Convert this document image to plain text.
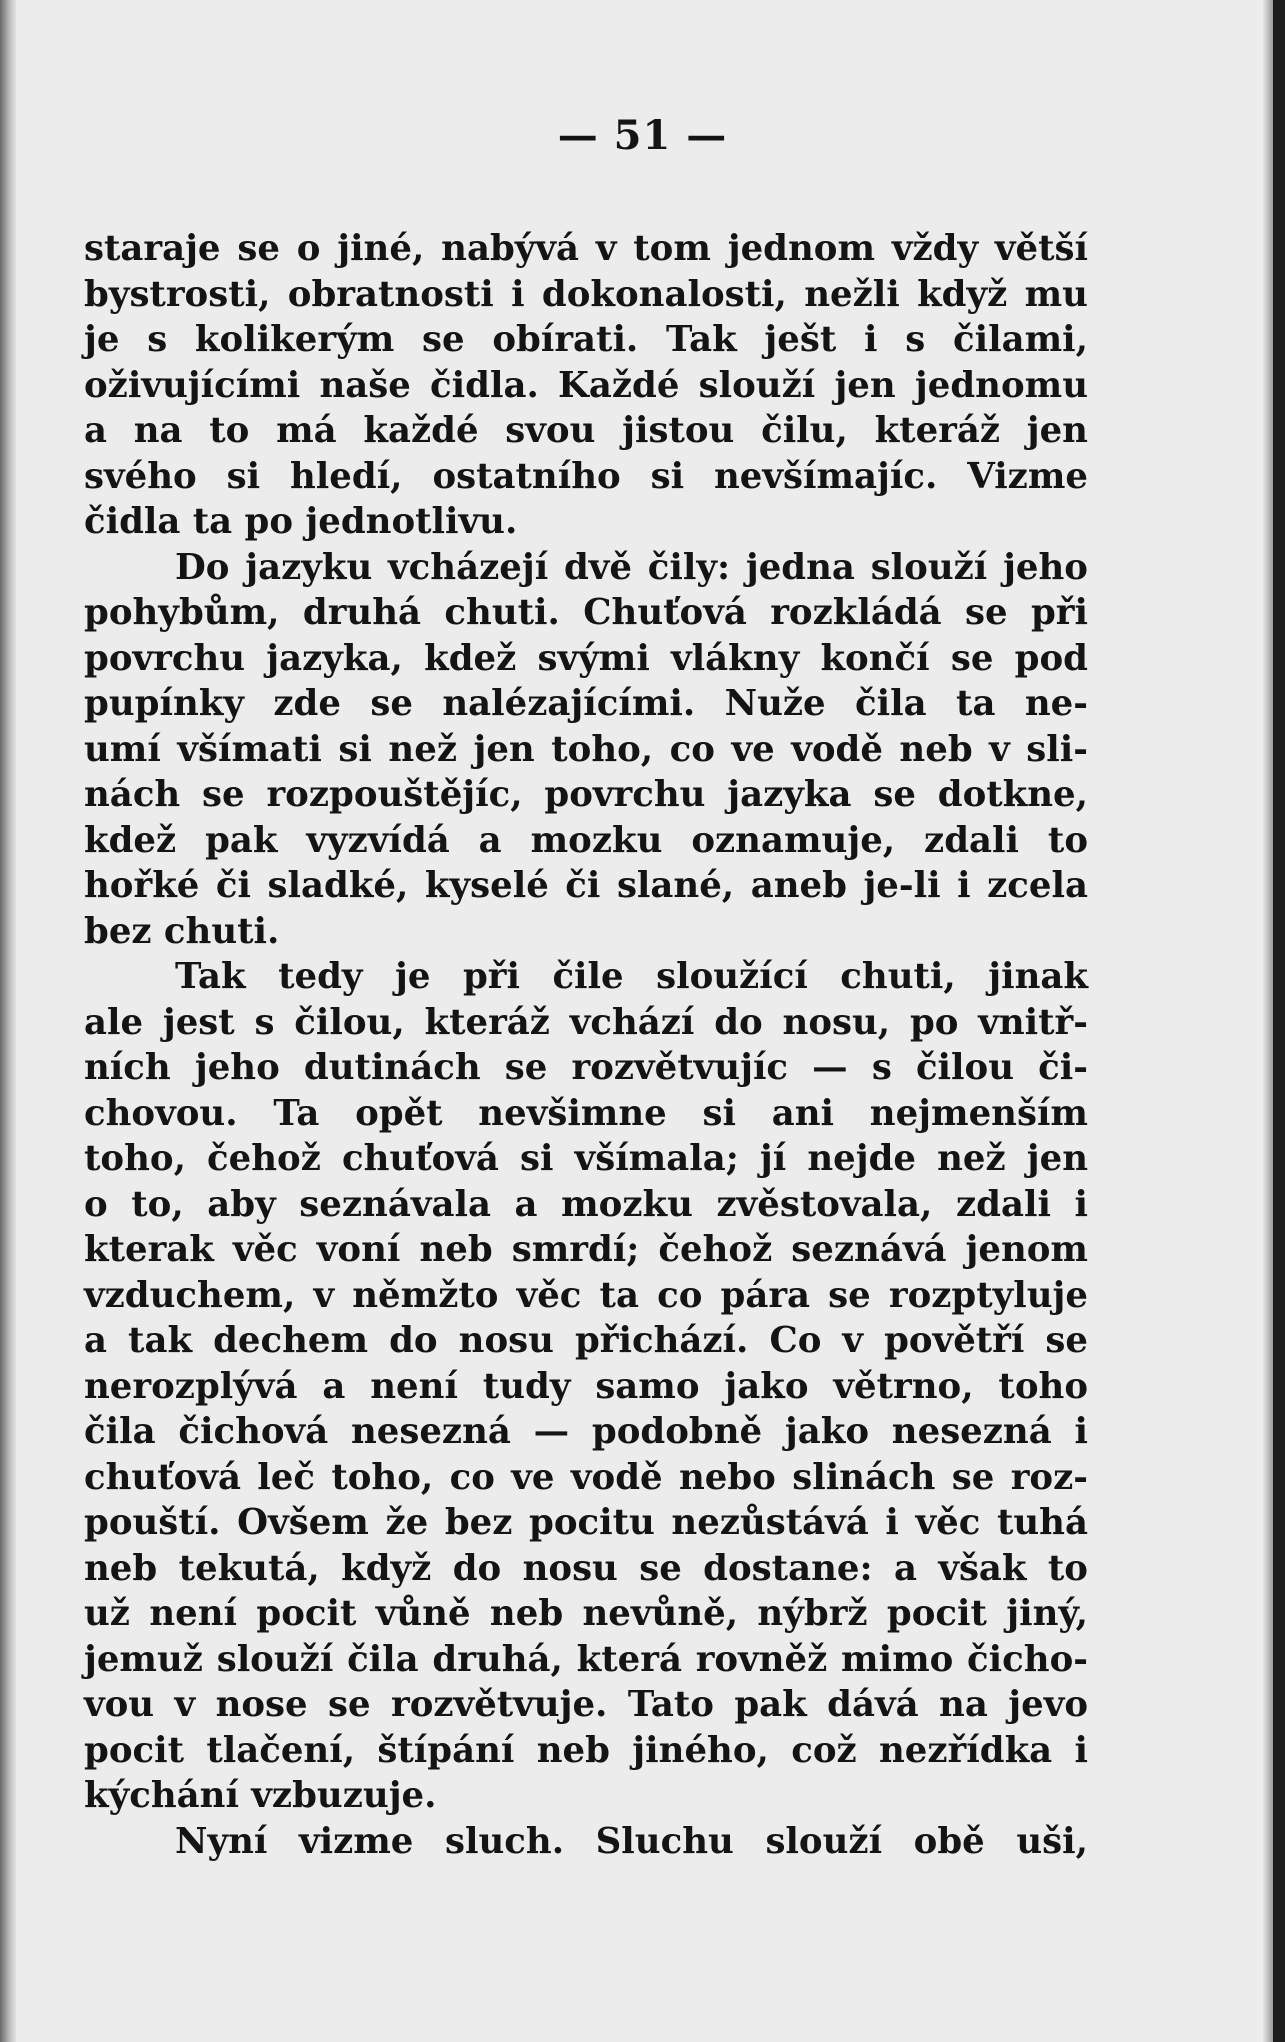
— 51 —
staraje se o jiné, nabývá v tom jednom vždy větší
bystrosti, obratnosti i dokonalosti, nežli když mu
je s kolikerým se obírati. Tak ješt i s čilami,
oživujícími naše čidla. Každé slouží jen jednomu
a na to má každé svou jistou čilu, kteráž jen
svého si hledí, ostatního si nevšímajíc. Vizme
čidla ta po jednotlivu.
Do jazyku vcházejí dvě čily: jedna slouží jeho
pohybům, druhá chuti. Chuťová rozkládá se při
povrchu jazyka, kdež svými vlákny končí se pod
pupínky zde se nalézajícími. Nuže čila ta ne-
umí všímati si než jen toho, co ve vodě neb v sli-
nách se rozpouštějíc, povrchu jazyka se dotkne,
kdež pak vyzvídá a mozku oznamuje, zdali to
hořké či sladké, kyselé či slané, aneb je-li i zcela
bez chuti.
Tak tedy je při čile sloužící chuti, jinak
ale jest s čilou, kteráž vchází do nosu, po vnitř-
ních jeho dutinách se rozvětvujíc — s čilou či-
chovou. Ta opět nevšimne si ani nejmenším
toho, čehož chuťová si všímala; jí nejde než jen
o to, aby seznávala a mozku zvěstovala, zdali i
kterak věc voní neb smrdí; čehož seznává jenom
vzduchem, v němžto věc ta co pára se rozptyluje
a tak dechem do nosu přichází. Co v povětří se
nerozplývá a není tudy samo jako větrno, toho
čila čichová nesezná — podobně jako nesezná i
chuťová leč toho, co ve vodě nebo slinách se roz-
pouští. Ovšem že bez pocitu nezůstává i věc tuhá
neb tekutá, když do nosu se dostane: a však to
už není pocit vůně neb nevůně, nýbrž pocit jiný,
jemuž slouží čila druhá, která rovněž mimo čicho-
vou v nose se rozvětvuje. Tato pak dává na jevo
pocit tlačení, štípání neb jiného, což nezřídka i
kýchání vzbuzuje.
Nyní vizme sluch. Sluchu slouží obě uši,
